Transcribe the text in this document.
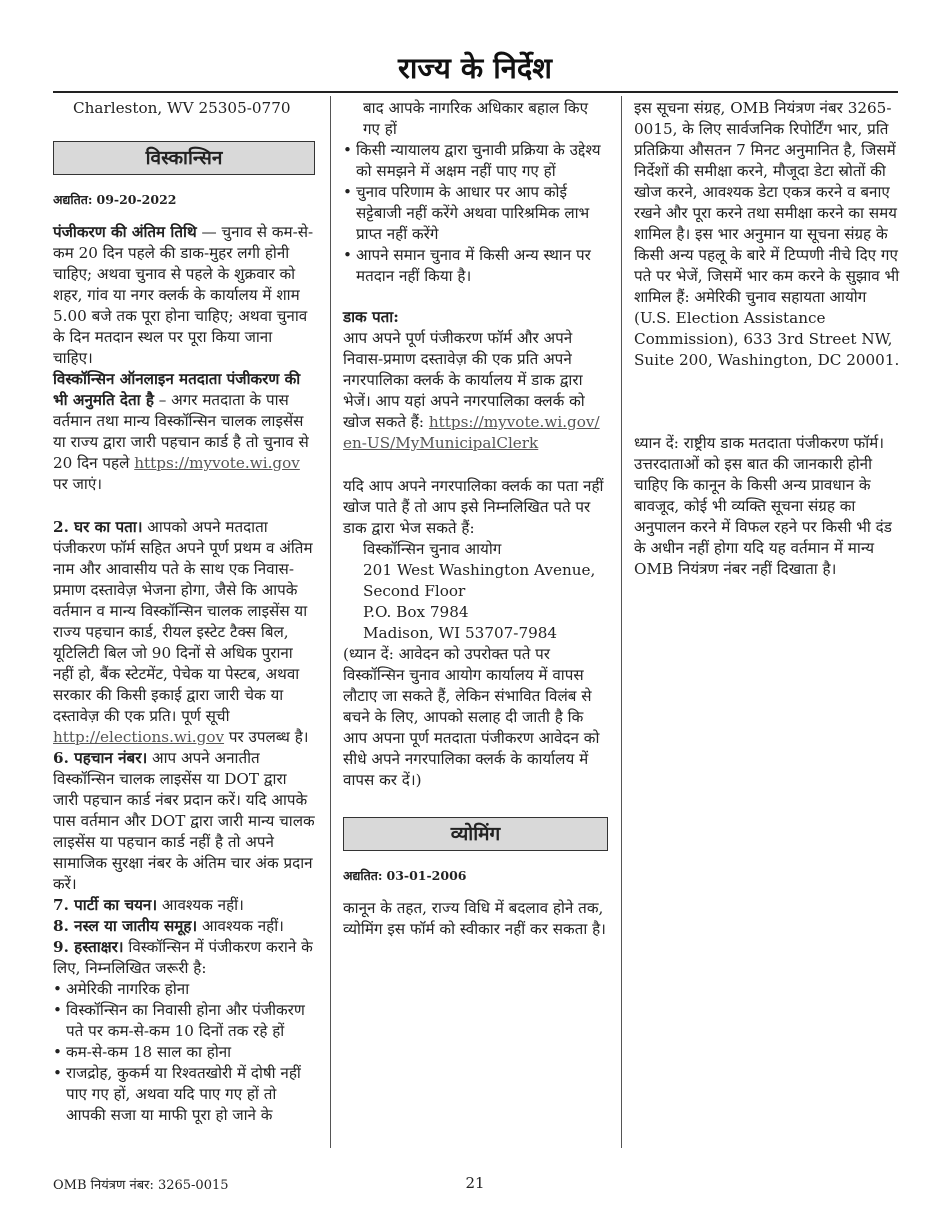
राज्य के निर्देश

Charleston, WV 25305-0770

विस्कान्सिन

अद्यतित: 09-20-2022

पंजीकरण की अंतिम तिथि — चुनाव से कम-से-कम 20 दिन पहले की डाक-मुहर लगी होनी चाहिए; अथवा चुनाव से पहले के शुक्रवार को शहर, गांव या नगर क्लर्क के कार्यालय में शाम 5.00 बजे तक पूरा होना चाहिए; अथवा चुनाव के दिन मतदान स्थल पर पूरा किया जाना चाहिए।

विस्कॉन्सिन ऑनलाइन मतदाता पंजीकरण की भी अनुमति देता है – अगर मतदाता के पास वर्तमान तथा मान्य विस्कॉन्सिन चालक लाइसेंस या राज्य द्वारा जारी पहचान कार्ड है तो चुनाव से 20 दिन पहले https://myvote.wi.gov पर जाएं।

2. घर का पता। आपको अपने मतदाता पंजीकरण फॉर्म सहित अपने पूर्ण प्रथम व अंतिम नाम और आवासीय पते के साथ एक निवास-प्रमाण दस्तावेज़ भेजना होगा, जैसे कि आपके वर्तमान व मान्य विस्कॉन्सिन चालक लाइसेंस या राज्य पहचान कार्ड, रीयल इस्टेट टैक्स बिल, यूटिलिटी बिल जो 90 दिनों से अधिक पुराना नहीं हो, बैंक स्टेटमेंट, पेचेक या पेस्टब, अथवा सरकार की किसी इकाई द्वारा जारी चेक या दस्तावेज़ की एक प्रति। पूर्ण सूची http://elections.wi.gov पर उपलब्ध है।

6. पहचान नंबर। आप अपने अनातीत विस्कॉन्सिन चालक लाइसेंस या DOT द्वारा जारी पहचान कार्ड नंबर प्रदान करें। यदि आपके पास वर्तमान और DOT द्वारा जारी मान्य चालक लाइसेंस या पहचान कार्ड नहीं है तो अपने सामाजिक सुरक्षा नंबर के अंतिम चार अंक प्रदान करें।

7. पार्टी का चयन। आवश्यक नहीं।

8. नस्ल या जातीय समूह। आवश्यक नहीं।

9. हस्ताक्षर। विस्कॉन्सिन में पंजीकरण कराने के लिए, निम्नलिखित जरूरी है:

• अमेरिकी नागरिक होना
• विस्कॉन्सिन का निवासी होना और पंजीकरण पते पर कम-से-कम 10 दिनों तक रहे हों
• कम-से-कम 18 साल का होना
• राजद्रोह, कुकर्म या रिश्वतखोरी में दोषी नहीं पाए गए हों, अथवा यदि पाए गए हों तो आपकी सजा या माफी पूरा हो जाने के

बाद आपके नागरिक अधिकार बहाल किए गए हों

• किसी न्यायालय द्वारा चुनावी प्रक्रिया के उद्देश्य को समझने में अक्षम नहीं पाए गए हों
• चुनाव परिणाम के आधार पर आप कोई सट्टेबाजी नहीं करेंगे अथवा पारिश्रमिक लाभ प्राप्त नहीं करेंगे
• आपने समान चुनाव में किसी अन्य स्थान पर मतदान नहीं किया है।

डाक पता:

आप अपने पूर्ण पंजीकरण फॉर्म और अपने निवास-प्रमाण दस्तावेज़ की एक प्रति अपने नगरपालिका क्लर्क के कार्यालय में डाक द्वारा भेजें। आप यहां अपने नगरपालिका क्लर्क को खोज सकते हैं: https://myvote.wi.gov/en-US/MyMunicipalClerk

यदि आप अपने नगरपालिका क्लर्क का पता नहीं खोज पाते हैं तो आप इसे निम्नलिखित पते पर डाक द्वारा भेज सकते हैं:

विस्कॉन्सिन चुनाव आयोग

201 West Washington Avenue,

Second Floor

P.O. Box 7984

Madison, WI 53707-7984

(ध्यान दें: आवेदन को उपरोक्त पते पर विस्कॉन्सिन चुनाव आयोग कार्यालय में वापस लौटाए जा सकते हैं, लेकिन संभावित विलंब से बचने के लिए, आपको सलाह दी जाती है कि आप अपना पूर्ण मतदाता पंजीकरण आवेदन को सीधे अपने नगरपालिका क्लर्क के कार्यालय में वापस कर दें।)

व्योमिंग

अद्यतित: 03-01-2006

कानून के तहत, राज्य विधि में बदलाव होने तक, व्योमिंग इस फॉर्म को स्वीकार नहीं कर सकता है।

इस सूचना संग्रह, OMB नियंत्रण नंबर 3265-0015, के लिए सार्वजनिक रिपोर्टिंग भार, प्रति प्रतिक्रिया औसतन 7 मिनट अनुमानित है, जिसमें निर्देशों की समीक्षा करने, मौजूदा डेटा स्रोतों की खोज करने, आवश्यक डेटा एकत्र करने व बनाए रखने और पूरा करने तथा समीक्षा करने का समय शामिल है। इस भार अनुमान या सूचना संग्रह के किसी अन्य पहलू के बारे में टिप्पणी नीचे दिए गए पते पर भेजें, जिसमें भार कम करने के सुझाव भी शामिल हैं: अमेरिकी चुनाव सहायता आयोग (U.S. Election Assistance Commission), 633 3rd Street NW, Suite 200, Washington, DC 20001.

ध्यान दें: राष्ट्रीय डाक मतदाता पंजीकरण फॉर्म। उत्तरदाताओं को इस बात की जानकारी होनी चाहिए कि कानून के किसी अन्य प्रावधान के बावजूद, कोई भी व्यक्ति सूचना संग्रह का अनुपालन करने में विफल रहने पर किसी भी दंड के अधीन नहीं होगा यदि यह वर्तमान में मान्य OMB नियंत्रण नंबर नहीं दिखाता है।

OMB नियंत्रण नंबर: 3265-0015	21
